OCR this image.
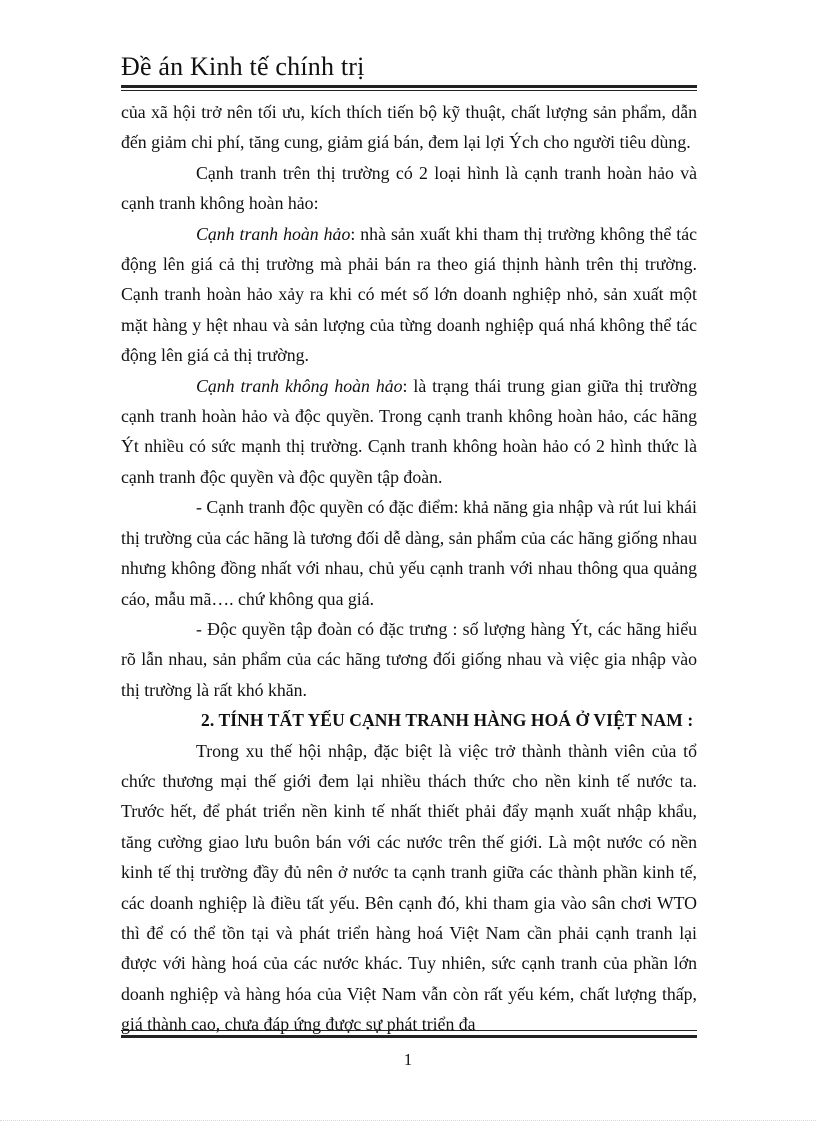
Đề án Kinh tế chính trị

của xã hội trở nên tối ưu, kích thích tiến bộ kỹ thuật, chất lượng sản phẩm, dẫn đến giảm chi phí, tăng cung, giảm giá bán, đem lại lợi Ých cho người tiêu dùng.

Cạnh tranh trên thị trường có 2 loại hình là cạnh tranh hoàn hảo và cạnh tranh không hoàn hảo:

Cạnh tranh hoàn hảo: nhà sản xuất khi tham thị trường không thể tác động lên giá cả thị trường mà phải bán ra theo giá thịnh hành trên thị trường. Cạnh tranh hoàn hảo xảy ra khi có mét số lớn doanh nghiệp nhỏ, sản xuất một mặt hàng y hệt nhau và sản lượng của từng doanh nghiệp quá nhá không thể tác động lên giá cả thị trường.

Cạnh tranh không hoàn hảo: là trạng thái trung gian giữa thị trường cạnh tranh hoàn hảo và độc quyền. Trong cạnh tranh không hoàn hảo, các hãng Ýt nhiều có sức mạnh thị trường. Cạnh tranh không hoàn hảo có 2 hình thức là cạnh tranh độc quyền và độc quyền tập đoàn.

- Cạnh tranh độc quyền có đặc điểm: khả năng gia nhập và rút lui khái thị trường của các hãng là tương đối dễ dàng, sản phẩm của các hãng giống nhau nhưng không đồng nhất với nhau, chủ yếu cạnh tranh với nhau thông qua quảng cáo, mẫu mã…. chứ không qua giá.

- Độc quyền tập đoàn có đặc trưng : số lượng hàng Ýt, các hãng hiểu rõ lẫn nhau, sản phẩm của các hãng tương đối giống nhau và việc gia nhập vào thị trường là rất khó khăn.

2. TÍNH TẤT YẾU CẠNH TRANH HÀNG HOÁ Ở VIỆT NAM :

Trong xu thế hội nhập, đặc biệt là việc trở thành thành viên của tổ chức thương mại thế giới đem lại nhiều thách thức cho nền kinh tế nước ta. Trước hết, để phát triển nền kinh tế nhất thiết phải đẩy mạnh xuất nhập khẩu, tăng cường giao lưu buôn bán với các nước trên thế giới. Là một nước có nền kinh tế thị trường đầy đủ nên ở nước ta cạnh tranh giữa các thành phần kinh tế, các doanh nghiệp là điều tất yếu. Bên cạnh đó, khi tham gia vào sân chơi WTO thì để có thể tồn tại và phát triển hàng hoá Việt Nam cần phải cạnh tranh lại được với hàng hoá của các nước khác. Tuy nhiên, sức cạnh tranh của phần lớn doanh nghiệp và hàng hóa của Việt Nam vẫn còn rất yếu kém, chất lượng thấp, giá thành cao, chưa đáp ứng được sự phát triển đa

1
